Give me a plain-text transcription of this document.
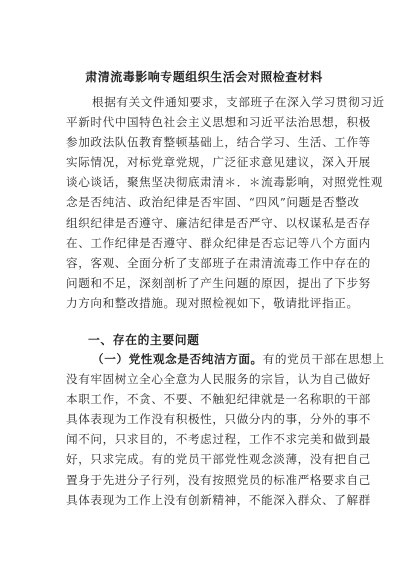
肃清流毒影响专题组织生活会对照检查材料
根据有关文件通知要求，支部班子在深入学习贯彻习近
平新时代中国特色社会主义思想和习近平法治思想，积极
参加政法队伍教育整顿基础上，结合学习、生活、工作等
实际情况，对标党章党规，广泛征求意见建议，深入开展
谈心谈话，聚焦坚决彻底肃清＊．＊流毒影响，对照党性观
念是否纯洁、政治纪律是否牢固、“四风”问题是否整改
组织纪律是否遵守、廉洁纪律是否严守、以权谋私是否存
在、工作纪律是否遵守、群众纪律是否忘记等八个方面内
容，客观、全面分析了支部班子在肃清流毒工作中存在的
问题和不足，深刻剖析了产生问题的原因，提出了下步努
力方向和整改措施。现对照检视如下，敬请批评指正。
一、存在的主要问题
（一）党性观念是否纯洁方面。有的党员干部在思想上
没有牢固树立全心全意为人民服务的宗旨，认为自己做好
本职工作，不贪、不要、不触犯纪律就是一名称职的干部
具体表现为工作没有积极性，只做分内的事，分外的事不
闻不问，只求目的，不考虑过程，工作不求完美和做到最
好，只求完成。有的党员干部党性观念淡薄，没有把自己
置身于先进分子行列，没有按照党员的标准严格要求自己
具体表现为工作上没有创新精神，不能深入群众、了解群
